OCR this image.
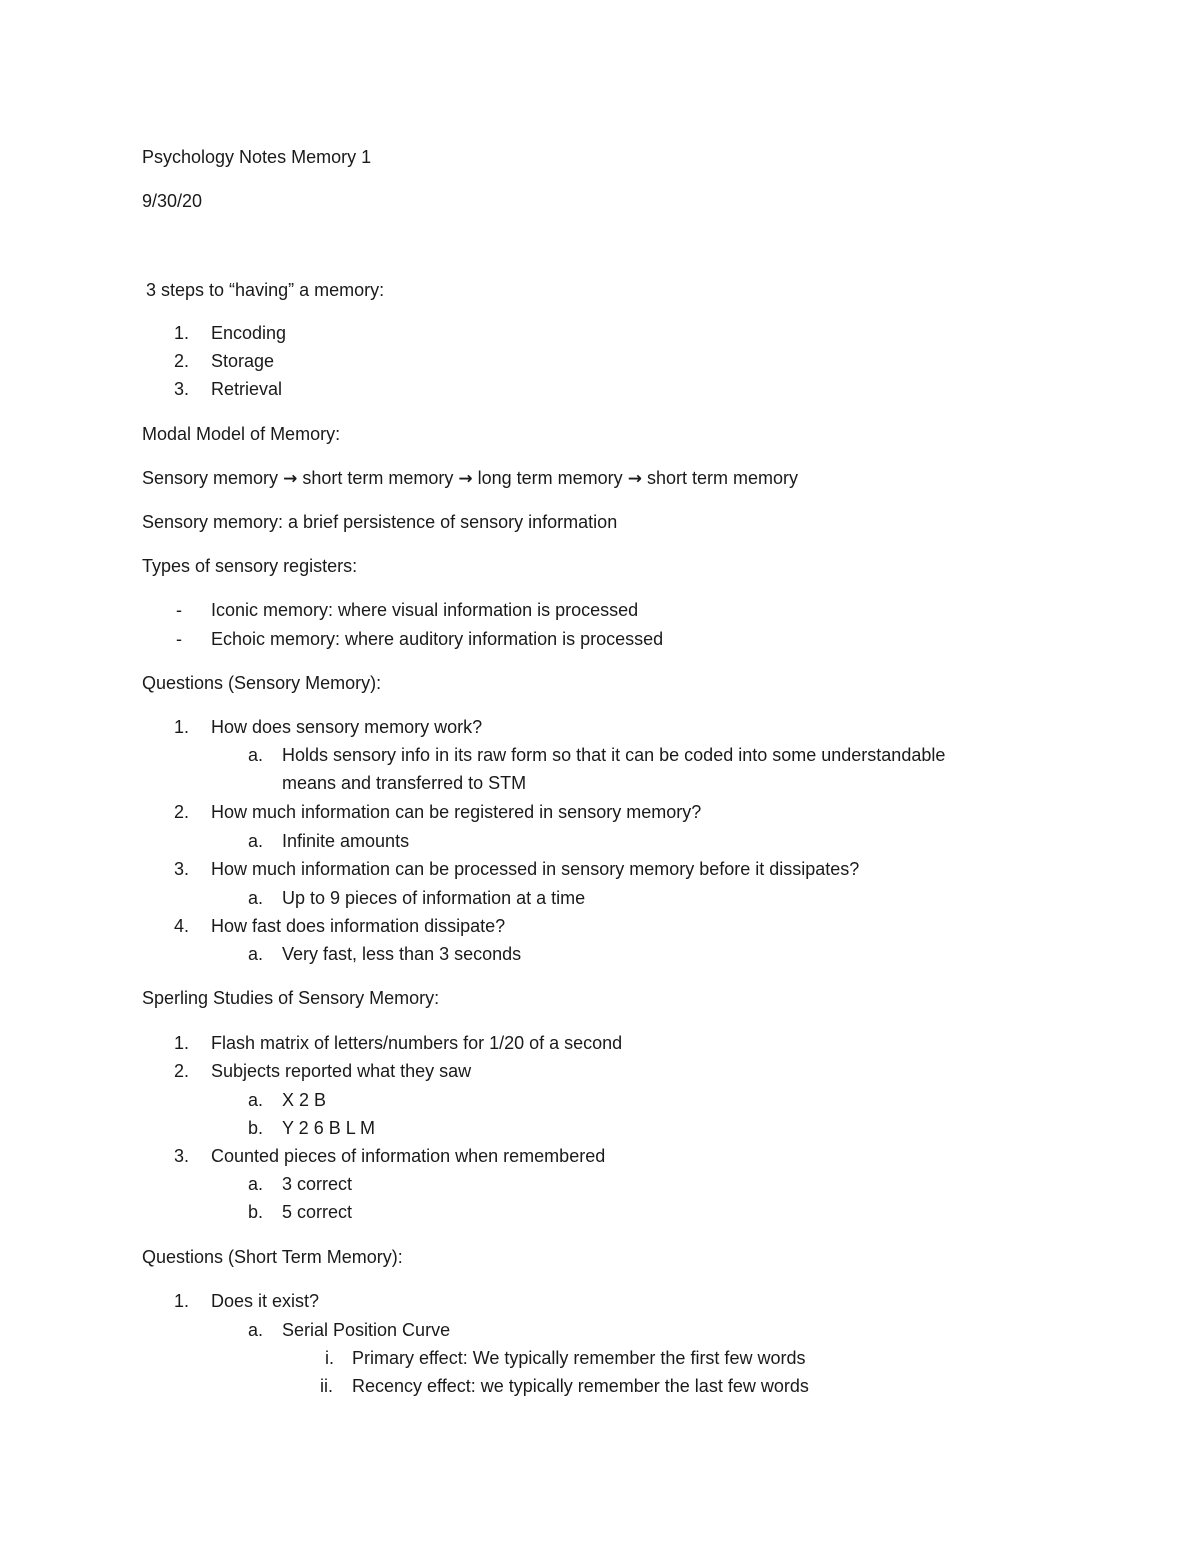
Psychology Notes Memory 1
9/30/20
3 steps to “having” a memory:
1. Encoding
2. Storage
3. Retrieval
Modal Model of Memory:
Sensory memory → short term memory → long term memory → short term memory
Sensory memory: a brief persistence of sensory information
Types of sensory registers:
- Iconic memory: where visual information is processed
- Echoic memory: where auditory information is processed
Questions (Sensory Memory):
1. How does sensory memory work?
a. Holds sensory info in its raw form so that it can be coded into some understandable
means and transferred to STM
2. How much information can be registered in sensory memory?
a. Infinite amounts
3. How much information can be processed in sensory memory before it dissipates?
a. Up to 9 pieces of information at a time
4. How fast does information dissipate?
a. Very fast, less than 3 seconds
Sperling Studies of Sensory Memory:
1. Flash matrix of letters/numbers for 1/20 of a second
2. Subjects reported what they saw
a. X 2 B
b. Y 2 6 B L M
3. Counted pieces of information when remembered
a. 3 correct
b. 5 correct
Questions (Short Term Memory):
1. Does it exist?
a. Serial Position Curve
i. Primary effect: We typically remember the first few words
ii. Recency effect: we typically remember the last few words
